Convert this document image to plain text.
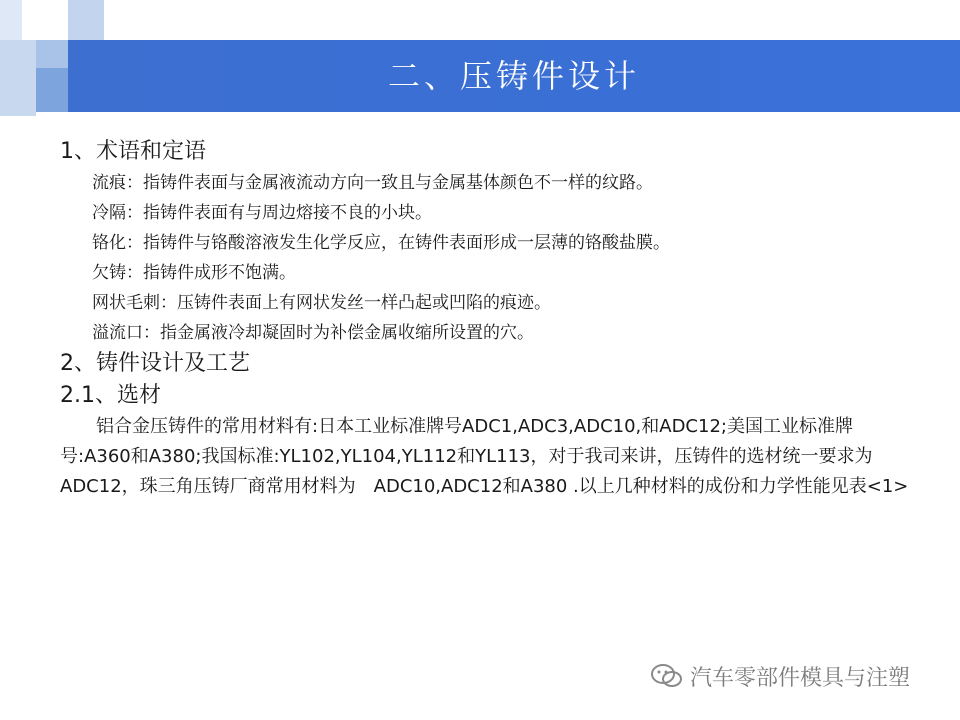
二、压铸件设计

1、术语和定语

流痕：指铸件表面与金属液流动方向一致且与金属基体颜色不一样的纹路。

冷隔：指铸件表面有与周边熔接不良的小块。

铬化：指铸件与铬酸溶液发生化学反应，在铸件表面形成一层薄的铬酸盐膜。

欠铸：指铸件成形不饱满。

网状毛刺：压铸件表面上有网状发丝一样凸起或凹陷的痕迹。

溢流口：指金属液冷却凝固时为补偿金属收缩所设置的穴。

2、铸件设计及工艺

2.1、选材

铝合金压铸件的常用材料有:日本工业标准牌号ADC1,ADC3,ADC10,和ADC12;美国工业标准牌号:A360和A380;我国标准:YL102,YL104,YL112和YL113，对于我司来讲，压铸件的选材统一要求为ADC12，珠三角压铸厂商常用材料为　ADC10,ADC12和A380 .以上几种材料的成份和力学性能见表<1>

汽车零部件模具与注塑
